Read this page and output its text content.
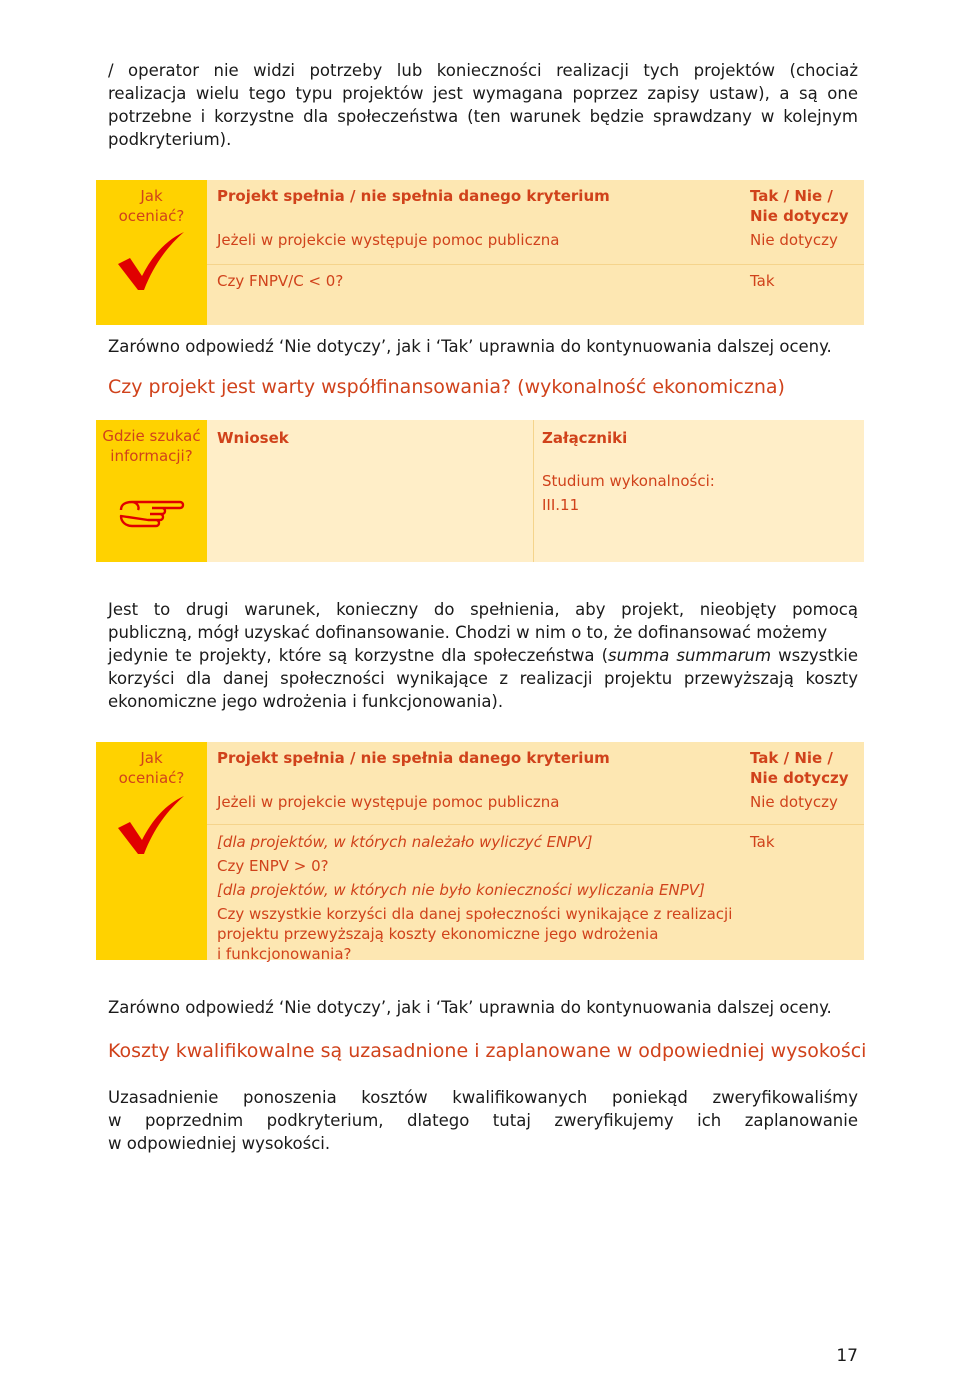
/ operator nie widzi potrzeby lub konieczności realizacji tych projektów (chociaż
realizacja wielu tego typu projektów jest wymagana poprzez zapisy ustaw), a są one
potrzebne i korzystne dla społeczeństwa (ten warunek będzie sprawdzany w kolejnym
podkryterium).
Jak
oceniać?
Projekt spełnia / nie spełnia danego kryterium	Tak / Nie /
Nie dotyczy
Jeżeli w projekcie występuje pomoc publiczna	Nie dotyczy
Czy FNPV/C < 0?	Tak
Zarówno odpowiedź ‘Nie dotyczy’, jak i ‘Tak’ uprawnia do kontynuowania dalszej oceny.
Czy projekt jest warty współfinansowania? (wykonalność ekonomiczna)
Gdzie szukać
informacji?
Wniosek	Załączniki
Studium wykonalności:
III.11
Jest to drugi warunek, konieczny do spełnienia, aby projekt, nieobjęty pomocą
publiczną, mógł uzyskać dofinansowanie. Chodzi w nim o to, że dofinansować możemy
jedynie te projekty, które są korzystne dla społeczeństwa (summa summarum wszystkie
korzyści dla danej społeczności wynikające z realizacji projektu przewyższają koszty
ekonomiczne jego wdrożenia i funkcjonowania).
Jak
oceniać?
Projekt spełnia / nie spełnia danego kryterium	Tak / Nie /
Nie dotyczy
Jeżeli w projekcie występuje pomoc publiczna	Nie dotyczy
[dla projektów, w których należało wyliczyć ENPV]	Tak
Czy ENPV > 0?
[dla projektów, w których nie było konieczności wyliczania ENPV]
Czy wszystkie korzyści dla danej społeczności wynikające z realizacji
projektu przewyższają koszty ekonomiczne jego wdrożenia
i funkcjonowania?
Zarówno odpowiedź ‘Nie dotyczy’, jak i ‘Tak’ uprawnia do kontynuowania dalszej oceny.
Koszty kwalifikowalne są uzasadnione i zaplanowane w odpowiedniej wysokości
Uzasadnienie ponoszenia kosztów kwalifikowanych poniekąd zweryfikowaliśmy
w poprzednim podkryterium, dlatego tutaj zweryfikujemy ich zaplanowanie
w odpowiedniej wysokości.
17
